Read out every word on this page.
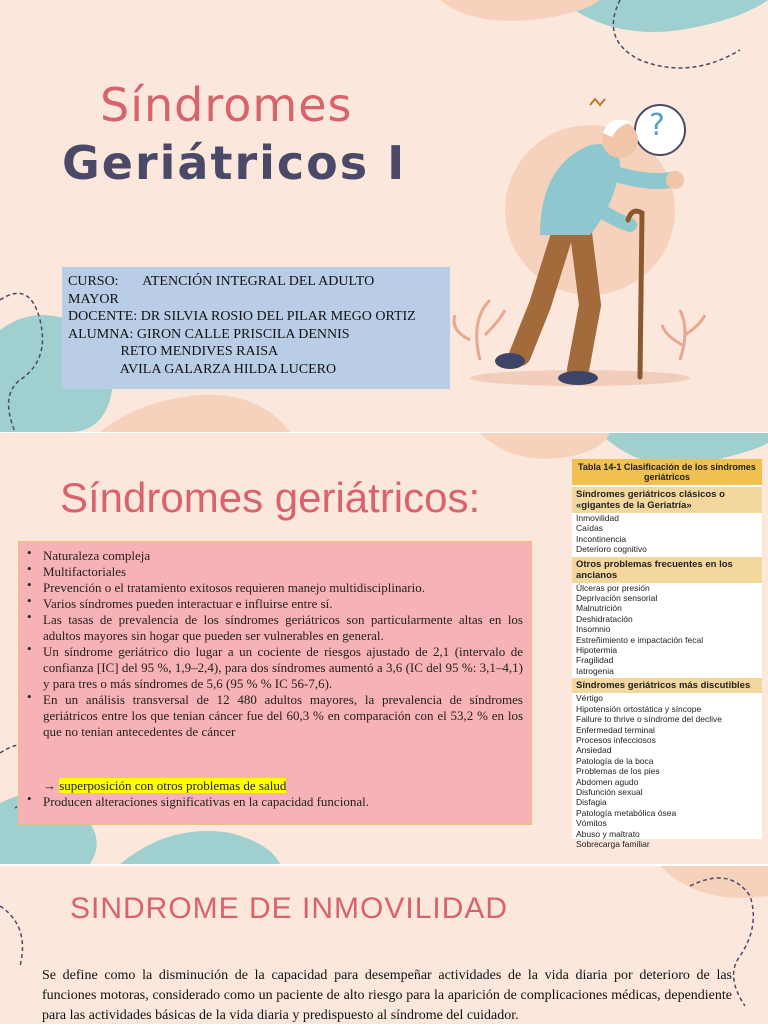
?
Síndromes
Geriátricos I
CURSO:       ATENCIÓN INTEGRAL DEL ADULTO
MAYOR
DOCENTE: DR SILVIA ROSIO DEL PILAR MEGO ORTIZ
ALUMNA: GIRON CALLE PRISCILA DENNIS
RETO MENDIVES RAISA
AVILA GALARZA HILDA LUCERO
Síndromes geriátricos:
• Naturaleza compleja
• Multifactoriales
• Prevención o el tratamiento exitosos requieren manejo multidisciplinario.
• Varios síndromes pueden interactuar e influirse entre sí.
• Las tasas de prevalencia de los síndromes geriátricos son particularmente altas en los adultos mayores sin hogar que pueden ser vulnerables en general.
• Un síndrome geriátrico dio lugar a un cociente de riesgos ajustado de 2,1 (intervalo de confianza [IC] del 95 %, 1,9–2,4), para dos síndromes aumentó a 3,6 (IC del 95 %: 3,1–4,1) y para tres o más síndromes de 5,6 (95 % % IC 56-7,6).
• En un análisis transversal de 12 480 adultos mayores, la prevalencia de síndromes geriátricos entre los que tenian cáncer fue del 60,3 % en comparación con el 53,2 % en los que no tenian antecedentes de cáncer
→ superposición con otros problemas de salud
• Producen alteraciones significativas en la capacidad funcional.
Tabla 14-1 Clasificación de los síndromes geriátricos
Síndromes geriátricos clásicos o «gigantes de la Geriatría»
Inmovilidad
Caídas
Incontinencia
Deterioro cognitivo
Otros problemas frecuentes en los ancianos
Úlceras por presión
Deprivación sensorial
Malnutrición
Deshidratación
Insomnio
Estreñimiento e impactación fecal
Hipotermia
Fragilidad
Iatrogenia
Síndromes geriátricos más discutibles
Vértigo
Hipotensión ortostática y síncope
Failure to thrive o síndrome del declive
Enfermedad terminal
Procesos infecciosos
Ansiedad
Patología de la boca
Problemas de los pies
Abdomen agudo
Disfunción sexual
Disfagia
Patología metabólica ósea
Vómitos
Abuso y maltrato
Sobrecarga familiar
SINDROME DE INMOVILIDAD
Se define como la disminución de la capacidad para desempeñar actividades de la vida diaria por deterioro de las funciones motoras, considerado como un paciente de alto riesgo para la aparición de complicaciones médicas, dependiente para las actividades básicas de la vida diaria y predispuesto al síndrome del cuidador.
